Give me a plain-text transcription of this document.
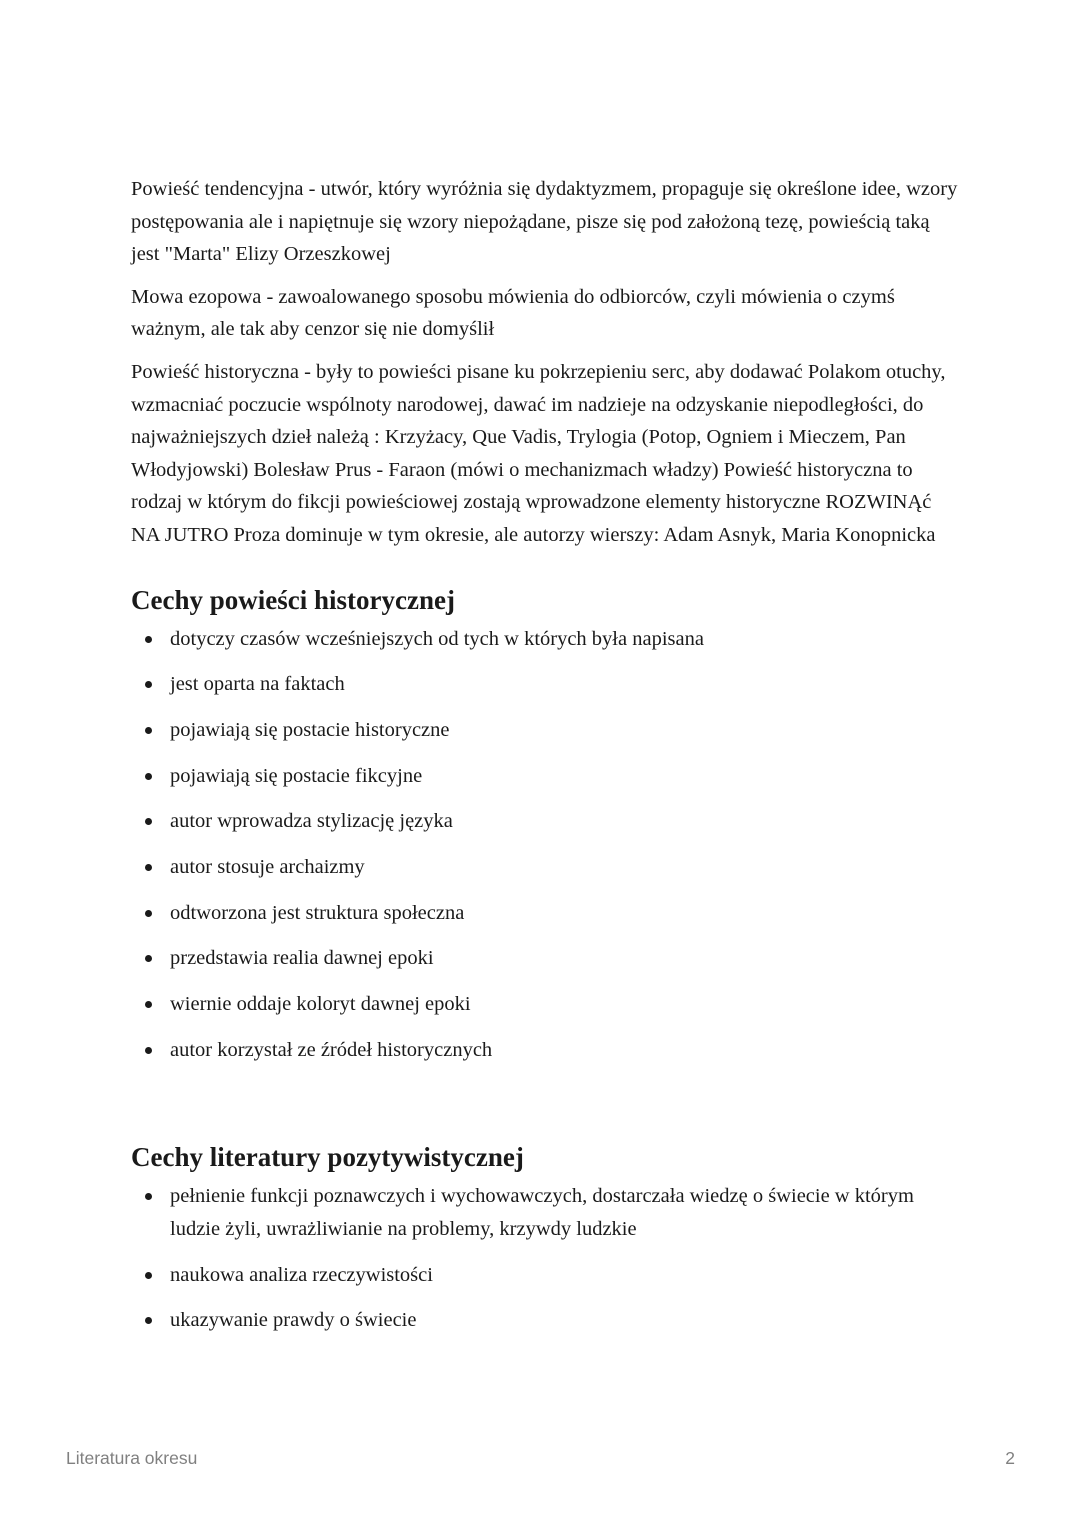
Powieść tendencyjna - utwór, który wyróżnia się dydaktyzmem, propaguje się określone idee, wzory postępowania ale i napiętnuje się wzory niepożądane, pisze się pod założoną tezę, powieścią taką jest "Marta" Elizy Orzeszkowej

Mowa ezopowa - zawoalowanego sposobu mówienia do odbiorców, czyli mówienia o czymś ważnym, ale tak aby cenzor się nie domyślił

Powieść historyczna - były to powieści pisane ku pokrzepieniu serc, aby dodawać Polakom otuchy, wzmacniać poczucie wspólnoty narodowej, dawać im nadzieje na odzyskanie niepodległości, do najważniejszych dzieł należą : Krzyżacy, Que Vadis, Trylogia (Potop, Ogniem i Mieczem, Pan Włodyjowski) Bolesław Prus - Faraon (mówi o mechanizmach władzy) Powieść historyczna to rodzaj w którym do fikcji powieściowej zostają wprowadzone elementy historyczne ROZWINĄć NA JUTRO Proza dominuje w tym okresie, ale autorzy wierszy: Adam Asnyk, Maria Konopnicka

Cechy powieści historycznej
dotyczy czasów wcześniejszych od tych w których była napisana
jest oparta na faktach
pojawiają się postacie historyczne
pojawiają się postacie fikcyjne
autor wprowadza stylizację języka
autor stosuje archaizmy
odtworzona jest struktura społeczna
przedstawia realia dawnej epoki
wiernie oddaje koloryt dawnej epoki
autor korzystał ze źródeł historycznych
Cechy literatury pozytywistycznej
pełnienie funkcji poznawczych i wychowawczych, dostarczała wiedzę o świecie w którym ludzie żyli, uwrażliwianie na problemy, krzywdy ludzkie
naukowa analiza rzeczywistości
ukazywanie prawdy o świecie
Literatura okresu	2
